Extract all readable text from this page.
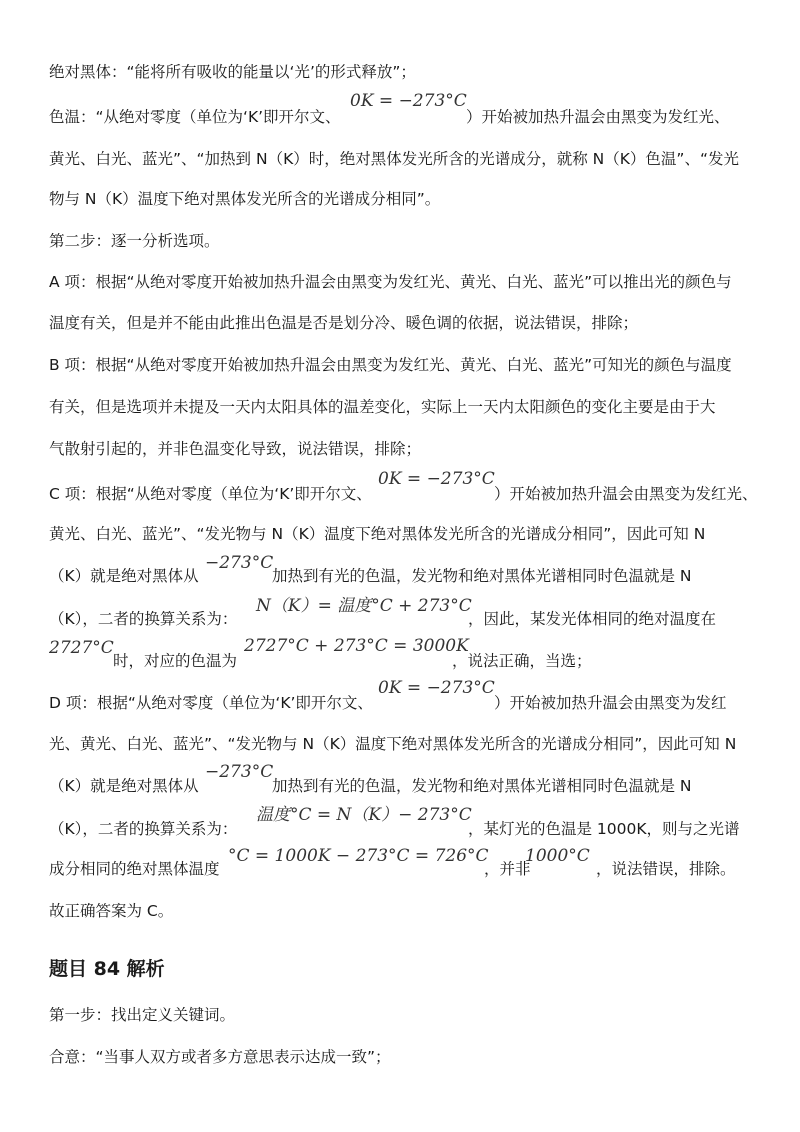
绝对黑体：“能将所有吸收的能量以‘光’的形式释放”；
色温：“从绝对零度（单位为‘K’即开尔文、
0K = −273°C
）开始被加热升温会由黑变为发红光、
黄光、白光、蓝光”、“加热到 N（K）时，绝对黑体发光所含的光谱成分，就称 N（K）色温”、“发光
物与 N（K）温度下绝对黑体发光所含的光谱成分相同”。
第二步：逐一分析选项。
A 项：根据“从绝对零度开始被加热升温会由黑变为发红光、黄光、白光、蓝光”可以推出光的颜色与
温度有关，但是并不能由此推出色温是否是划分冷、暖色调的依据，说法错误，排除；
B 项：根据“从绝对零度开始被加热升温会由黑变为发红光、黄光、白光、蓝光”可知光的颜色与温度
有关，但是选项并未提及一天内太阳具体的温差变化，实际上一天内太阳颜色的变化主要是由于大
气散射引起的，并非色温变化导致，说法错误，排除；
C 项：根据“从绝对零度（单位为‘K’即开尔文、
0K = −273°C
）开始被加热升温会由黑变为发红光、
黄光、白光、蓝光”、“发光物与 N（K）温度下绝对黑体发光所含的光谱成分相同”，因此可知 N
（K）就是绝对黑体从
−273°C
加热到有光的色温，发光物和绝对黑体光谱相同时色温就是 N
（K），二者的换算关系为：
N（K）= 温度°C + 273°C
，因此，某发光体相同的绝对温度在
2727°C
时，对应的色温为
2727°C + 273°C = 3000K
，说法正确，当选；
D 项：根据“从绝对零度（单位为‘K’即开尔文、
0K = −273°C
）开始被加热升温会由黑变为发红
光、黄光、白光、蓝光”、“发光物与 N（K）温度下绝对黑体发光所含的光谱成分相同”，因此可知 N
（K）就是绝对黑体从
−273°C
加热到有光的色温，发光物和绝对黑体光谱相同时色温就是 N
（K），二者的换算关系为：
温度°C = N（K）− 273°C
，某灯光的色温是 1000K，则与之光谱
成分相同的绝对黑体温度
°C = 1000K − 273°C = 726°C
，并非
1000°C
，说法错误，排除。
故正确答案为 C。
题目 84 解析
第一步：找出定义关键词。
合意：“当事人双方或者多方意思表示达成一致”；
